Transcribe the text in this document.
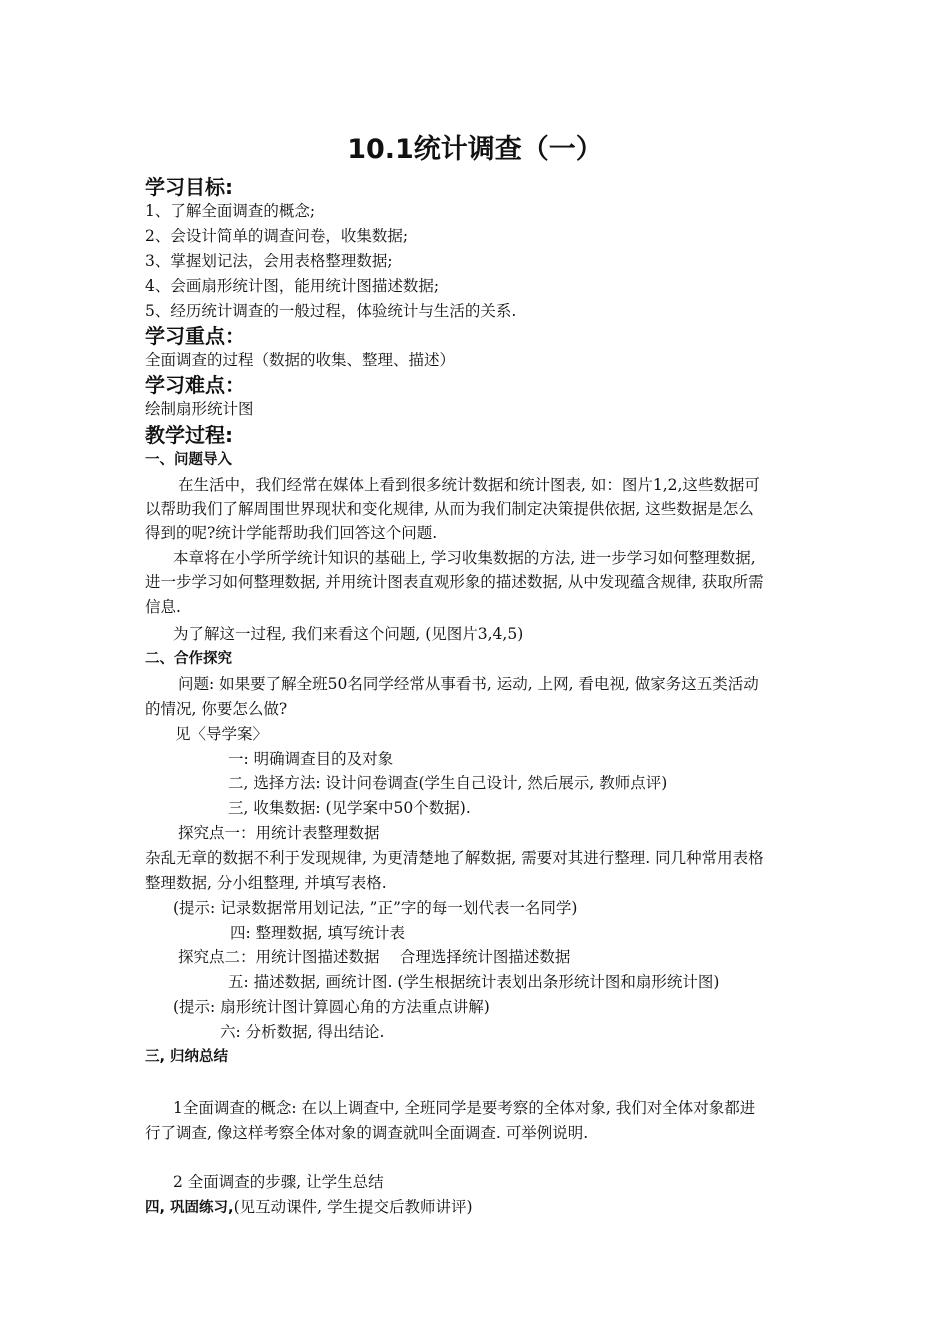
10.1统计调查（一）
学习目标:
1、了解全面调查的概念;
2、会设计简单的调查问卷，收集数据;
3、掌握划记法，会用表格整理数据;
4、会画扇形统计图，能用统计图描述数据;
5、经历统计调查的一般过程，体验统计与生活的关系.
学习重点：
全面调查的过程（数据的收集、整理、描述）
学习难点：
绘制扇形统计图
教学过程:
一、问题导入
在生活中，我们经常在媒体上看到很多统计数据和统计图表, 如：图片1,2,这些数据可
以帮助我们了解周围世界现状和变化规律, 从而为我们制定决策提供依据, 这些数据是怎么
得到的呢?统计学能帮助我们回答这个问题.
本章将在小学所学统计知识的基础上, 学习收集数据的方法, 进一步学习如何整理数据,
进一步学习如何整理数据, 并用统计图表直观形象的描述数据, 从中发现蕴含规律, 获取所需
信息.
为了解这一过程, 我们来看这个问题, (见图片3,4,5)
二、合作探究
问题: 如果要了解全班50名同学经常从事看书, 运动, 上网, 看电视, 做家务这五类活动
的情况, 你要怎么做?
见〈导学案〉
一: 明确调查目的及对象
二, 选择方法: 设计问卷调查(学生自己设计, 然后展示, 教师点评)
三, 收集数据: (见学案中50个数据).
探究点一：用统计表整理数据
杂乱无章的数据不利于发现规律, 为更清楚地了解数据, 需要对其进行整理. 同几种常用表格
整理数据, 分小组整理, 并填写表格.
(提示: 记录数据常用划记法, ”正”字的每一划代表一名同学)
四: 整理数据, 填写统计表
探究点二：用统计图描述数据　 合理选择统计图描述数据
五: 描述数据, 画统计图. (学生根据统计表划出条形统计图和扇形统计图)
(提示: 扇形统计图计算圆心角的方法重点讲解)
六: 分析数据, 得出结论.
三, 归纳总结
1全面调查的概念: 在以上调查中, 全班同学是要考察的全体对象, 我们对全体对象都进
行了调查, 像这样考察全体对象的调查就叫全面调查. 可举例说明.
2 全面调查的步骤, 让学生总结
四, 巩固练习,(见互动课件, 学生提交后教师讲评)
